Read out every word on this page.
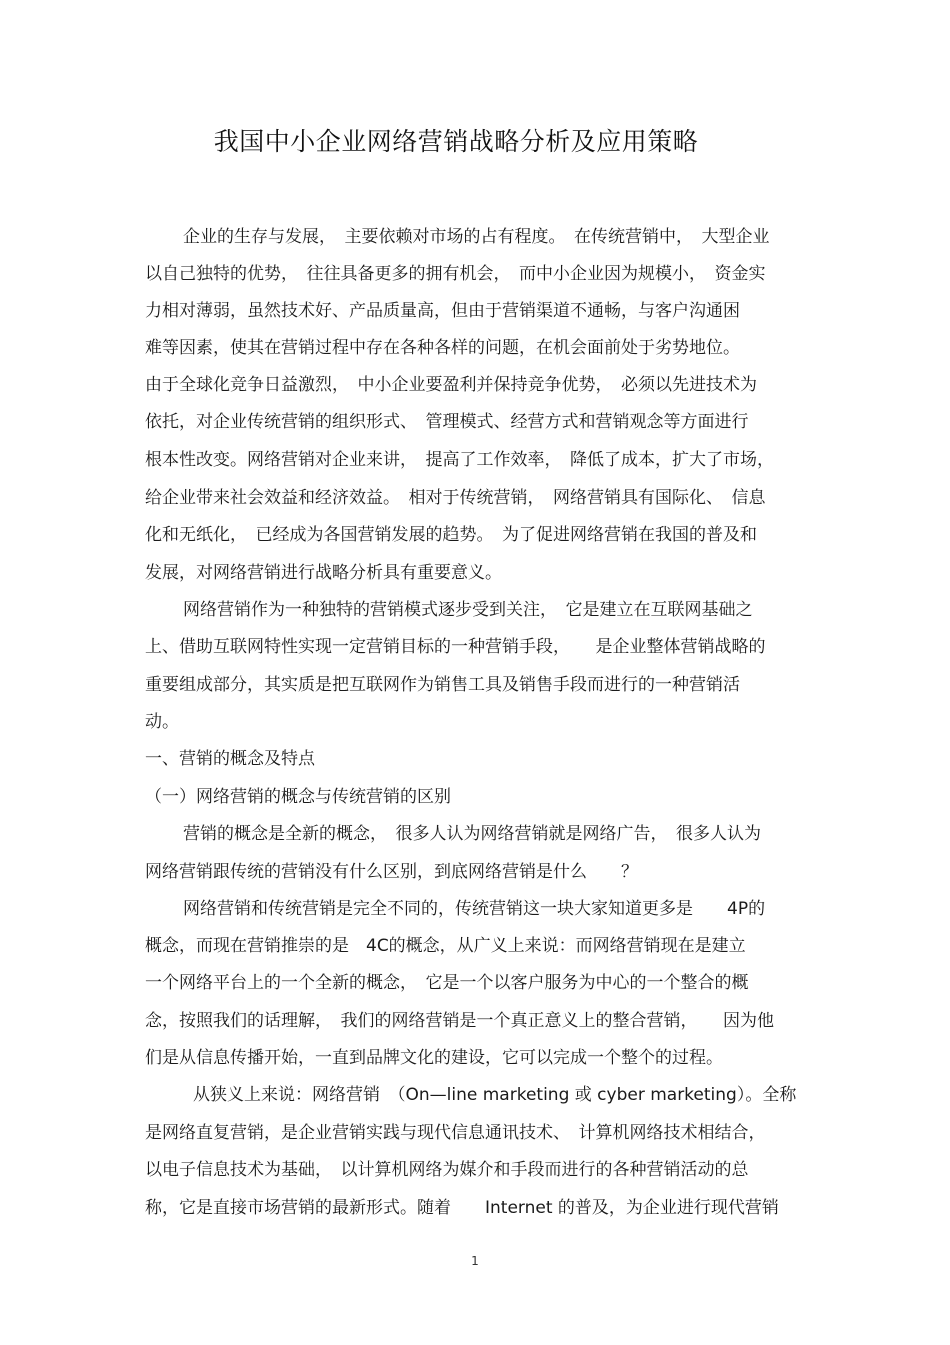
我国中小企业网络营销战略分析及应用策略
企业的生存与发展，　主要依赖对市场的占有程度。　在传统营销中，　大型企业
以自己独特的优势，　往往具备更多的拥有机会，　而中小企业因为规模小，　资金实
力相对薄弱，虽然技术好、产品质量高，但由于营销渠道不通畅，与客户沟通困
难等因素，使其在营销过程中存在各种各样的问题，在机会面前处于劣势地位。
由于全球化竞争日益激烈，　中小企业要盈利并保持竞争优势，　必须以先进技术为
依托，对企业传统营销的组织形式、　管理模式、经营方式和营销观念等方面进行
根本性改变。网络营销对企业来讲，　提高了工作效率，　降低了成本，扩大了市场，
给企业带来社会效益和经济效益。　相对于传统营销，　网络营销具有国际化、　信息
化和无纸化，　已经成为各国营销发展的趋势。　为了促进网络营销在我国的普及和
发展，对网络营销进行战略分析具有重要意义。
网络营销作为一种独特的营销模式逐步受到关注，　它是建立在互联网基础之
上、借助互联网特性实现一定营销目标的一种营销手段，　　是企业整体营销战略的
重要组成部分，其实质是把互联网作为销售工具及销售手段而进行的一种营销活
动。
一、营销的概念及特点
（一）网络营销的概念与传统营销的区别
营销的概念是全新的概念，　很多人认为网络营销就是网络广告，　很多人认为
网络营销跟传统的营销没有什么区别，到底网络营销是什么　　？
网络营销和传统营销是完全不同的，传统营销这一块大家知道更多是　　4P的
概念，而现在营销推崇的是　4C的概念，从广义上来说：而网络营销现在是建立
一个网络平台上的一个全新的概念，　它是一个以客户服务为中心的一个整合的概
念，按照我们的话理解，　我们的网络营销是一个真正意义上的整合营销，　　因为他
们是从信息传播开始，一直到品牌文化的建设，它可以完成一个整个的过程。
从狭义上来说：网络营销　（On—line marketing 或 cyber marketing）。全称
是网络直复营销，是企业营销实践与现代信息通讯技术、　计算机网络技术相结合，
以电子信息技术为基础，　以计算机网络为媒介和手段而进行的各种营销活动的总
称，它是直接市场营销的最新形式。随着　　Internet 的普及，为企业进行现代营销
1
